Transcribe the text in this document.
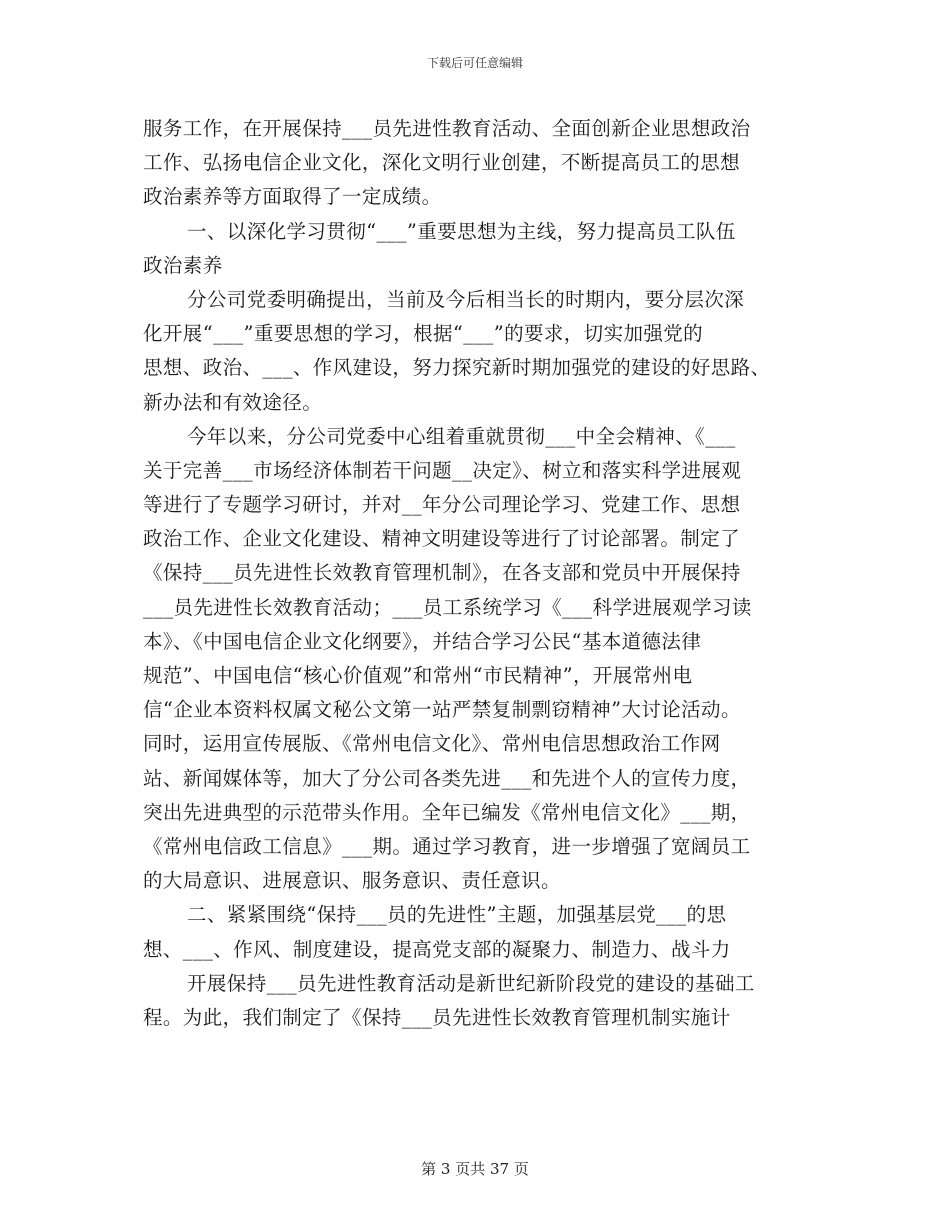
下载后可任意编辑
服务工作，在开展保持___员先进性教育活动、全面创新企业思想政治
工作、弘扬电信企业文化，深化文明行业创建，不断提高员工的思想
政治素养等方面取得了一定成绩。
一、以深化学习贯彻“___”重要思想为主线，努力提高员工队伍
政治素养
分公司党委明确提出，当前及今后相当长的时期内，要分层次深
化开展“___”重要思想的学习，根据“___”的要求，切实加强党的
思想、政治、___、作风建设，努力探究新时期加强党的建设的好思路、
新办法和有效途径。
今年以来，分公司党委中心组着重就贯彻___中全会精神、《___
关于完善___市场经济体制若干问题__决定》、树立和落实科学进展观
等进行了专题学习研讨，并对__年分公司理论学习、党建工作、思想
政治工作、企业文化建设、精神文明建设等进行了讨论部署。制定了
《保持___员先进性长效教育管理机制》，在各支部和党员中开展保持
___员先进性长效教育活动；___员工系统学习《___科学进展观学习读
本》、《中国电信企业文化纲要》，并结合学习公民“基本道德法律
规范”、中国电信“核心价值观”和常州“市民精神”，开展常州电
信“企业本资料权属文秘公文第一站严禁复制剽窃精神”大讨论活动。
同时，运用宣传展版、《常州电信文化》、常州电信思想政治工作网
站、新闻媒体等，加大了分公司各类先进___和先进个人的宣传力度，
突出先进典型的示范带头作用。全年已编发《常州电信文化》___期，
《常州电信政工信息》___期。通过学习教育，进一步增强了宽阔员工
的大局意识、进展意识、服务意识、责任意识。
二、紧紧围绕“保持___员的先进性”主题，加强基层党___的思
想、___、作风、制度建设，提高党支部的凝聚力、制造力、战斗力
开展保持___员先进性教育活动是新世纪新阶段党的建设的基础工
程。为此，我们制定了《保持___员先进性长效教育管理机制实施计
第 3 页共 37 页
